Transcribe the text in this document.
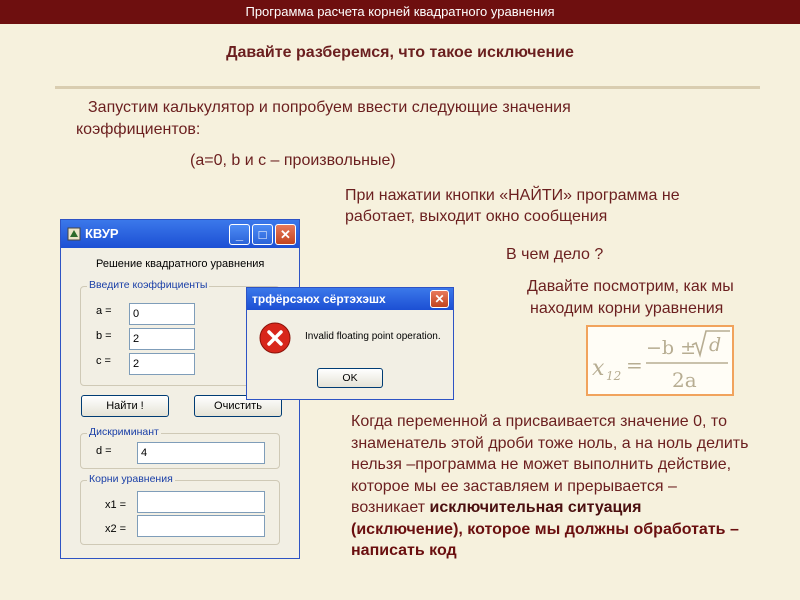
Программа расчета корней квадратного уравнения
Давайте разберемся, что такое исключение
Запустим калькулятор и попробуем ввести следующие значения
коэффициентов:
(a=0, b и c – произвольные)
При нажатии кнопки «НАЙТИ» программа не
работает, выходит окно сообщения
В чем дело ?
Давайте посмотрим, как мы
находим корни уравнения
x 12 =
−b ± d
2a
Когда переменной a присваивается значение 0, то знаменатель этой дроби тоже ноль, а на ноль делить нельзя –программа не может выполнить действие, которое мы ее заставляем и прерывается – возникает исключительная ситуация (исключение), которое мы должны обработать – написать код
КВУР	_	□	✕
Решение квадратного уравнения
Введите коэффициенты
a =	0
b =	2
c =	2
Найти !	Очистить
Дискриминант
d =	4
Корни уравнения
x1 =
x2 =
трфёрсэюх сёртэхэшх	✕
Invalid floating point operation.
OK
